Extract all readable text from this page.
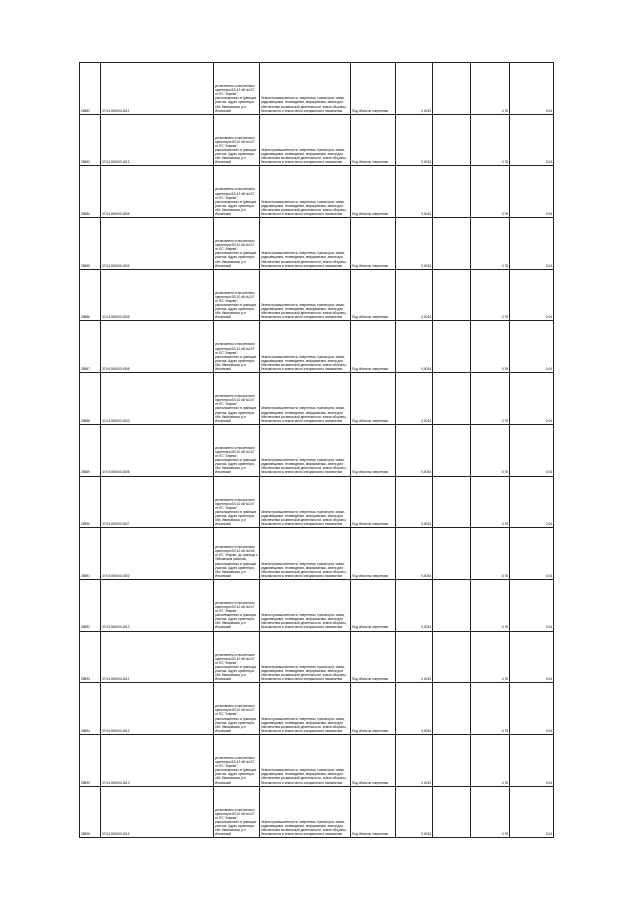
28582	37:04:000000:1611	установлено относительно ориентира ВЛ-10 кВ №107 от ПС "Ануево", расположенного в границах участка. Адрес ориентира: обл. Ивановская, р-н Ильинский	Земли промышленности, энергетики, транспорта, связи, радиовещания, телевидения, информатики, земли для обеспечения космической деятельности, земли обороны, безопасности и земли иного специального назначения	Под объекты энергетики	0,0034		0,78	0,04
28583	37:04:000000:1612	установлено относительно ориентира ВЛ-10 кВ №107 от ПС "Ануево", расположенного в границах участка. Адрес ориентира: обл. Ивановская, р-н Ильинский	Земли промышленности, энергетики, транспорта, связи, радиовещания, телевидения, информатики, земли для обеспечения космической деятельности, земли обороны, безопасности и земли иного специального назначения	Под объекты энергетики	0,0034		0,78	0,04
28584	37:04:000000:1609	установлено относительно ориентира ВЛ-10 кВ №107 от ПС "Ануево", расположенного в границах участка. Адрес ориентира: обл. Ивановская, р-н Ильинский	Земли промышленности, энергетики, транспорта, связи, радиовещания, телевидения, информатики, земли для обеспечения космической деятельности, земли обороны, безопасности и земли иного специального назначения	Под объекты энергетики	0,0034		0,78	0,04
28585	37:04:000000:1604	установлено относительно ориентира ВЛ-10 кВ №107 от ПС "Ануево", расположенного в границах участка. Адрес ориентира: обл. Ивановская, р-н Ильинский	Земли промышленности, энергетики, транспорта, связи, радиовещания, телевидения, информатики, земли для обеспечения космической деятельности, земли обороны, безопасности и земли иного специального назначения	Под объекты энергетики	0,0034		0,78	0,04
28586	37:04:000000:1605	установлено относительно ориентира ВЛ-10 кВ №107 от ПС "Ануево", расположенного в границах участка. Адрес ориентира: обл. Ивановская, р-н Ильинский	Земли промышленности, энергетики, транспорта, связи, радиовещания, телевидения, информатики, земли для обеспечения космической деятельности, земли обороны, безопасности и земли иного специального назначения	Под объекты энергетики	0,0034		0,78	0,04
28587	37:04:000000:1598	установлено относительно ориентира ВЛ-10 кВ №107 от ПС "Ануево", расположенного в границах участка. Адрес ориентира: обл. Ивановская, р-н Ильинский	Земли промышленности, энергетики, транспорта, связи, радиовещания, телевидения, информатики, земли для обеспечения космической деятельности, земли обороны, безопасности и земли иного специального назначения	Под объекты энергетики	0,0034		0,78	0,04
28588	37:04:000000:1603	установлено относительно ориентира ВЛ-10 кВ №107 от ПС "Ануево", расположенного в границах участка. Адрес ориентира: обл. Ивановская, р-н Ильинский	Земли промышленности, энергетики, транспорта, связи, радиовещания, телевидения, информатики, земли для обеспечения космической деятельности, земли обороны, безопасности и земли иного специального назначения	Под объекты энергетики	0,0034		0,78	0,04
28589	37:04:000000:1606	установлено относительно ориентира ВЛ-10 кВ №107 от ПС "Ануево", расположенного в границах участка. Адрес ориентира: обл. Ивановская, р-н Ильинский	Земли промышленности, энергетики, транспорта, связи, радиовещания, телевидения, информатики, земли для обеспечения космической деятельности, земли обороны, безопасности и земли иного специального назначения	Под объекты энергетики	0,0034		0,78	0,04
28590	37:04:000000:1607	установлено относительно ориентира ВЛ-10 кВ №107 от ПС "Ануево", расположенного в границах участка. Адрес ориентира: обл. Ивановская, р-н Ильинский	Земли промышленности, энергетики, транспорта, связи, радиовещания, телевидения, информатики, земли для обеспечения космической деятельности, земли обороны, безопасности и земли иного специального назначения	Под объекты энергетики	0,0034		0,78	0,04
28591	37:04:000000:1602	установлено относительно ориентира ВЛ-10 кВ №106 от ПС "Ануево" до границы с Тейковским районом, расположенного в границах участка. Адрес ориентира: обл. Ивановская, р-н Ильинский	Земли промышленности, энергетики, транспорта, связи, радиовещания, телевидения, информатики, земли для обеспечения космической деятельности, земли обороны, безопасности и земли иного специального назначения	Под объекты энергетики	0,0034		0,78	0,04
28592	37:04:000000:1610	установлено относительно ориентира ВЛ-10 кВ №107 от ПС "Ануево", расположенного в границах участка. Адрес ориентира: обл. Ивановская, р-н Ильинский	Земли промышленности, энергетики, транспорта, связи, радиовещания, телевидения, информатики, земли для обеспечения космической деятельности, земли обороны, безопасности и земли иного специального назначения	Под объекты энергетики	0,0034		0,78	0,04
28593	37:04:000000:1611	установлено относительно ориентира ВЛ-10 кВ №107 от ПС "Ануево", расположенного в границах участка. Адрес ориентира: обл. Ивановская, р-н Ильинский	Земли промышленности, энергетики, транспорта, связи, радиовещания, телевидения, информатики, земли для обеспечения космической деятельности, земли обороны, безопасности и земли иного специального назначения	Под объекты энергетики	0,0034		0,78	0,04
28594	37:04:000000:1612	установлено относительно ориентира ВЛ-10 кВ №107 от ПС "Ануево", расположенного в границах участка. Адрес ориентира: обл. Ивановская, р-н Ильинский	Земли промышленности, энергетики, транспорта, связи, радиовещания, телевидения, информатики, земли для обеспечения космической деятельности, земли обороны, безопасности и земли иного специального назначения	Под объекты энергетики	0,0034		0,78	0,04
28595	37:04:000000:1613	установлено относительно ориентира ВЛ-10 кВ №107 от ПС "Ануево", расположенного в границах участка. Адрес ориентира: обл. Ивановская, р-н Ильинский	Земли промышленности, энергетики, транспорта, связи, радиовещания, телевидения, информатики, земли для обеспечения космической деятельности, земли обороны, безопасности и земли иного специального назначения	Под объекты энергетики	0,0034		0,78	0,04
28596	37:04:000000:1614	установлено относительно ориентира ВЛ-10 кВ №107 от ПС "Ануево", расположенного в границах участка. Адрес ориентира: обл. Ивановская, р-н Ильинский	Земли промышленности, энергетики, транспорта, связи, радиовещания, телевидения, информатики, земли для обеспечения космической деятельности, земли обороны, безопасности и земли иного специального назначения	Под объекты энергетики	0,0034		0,78	0,04
